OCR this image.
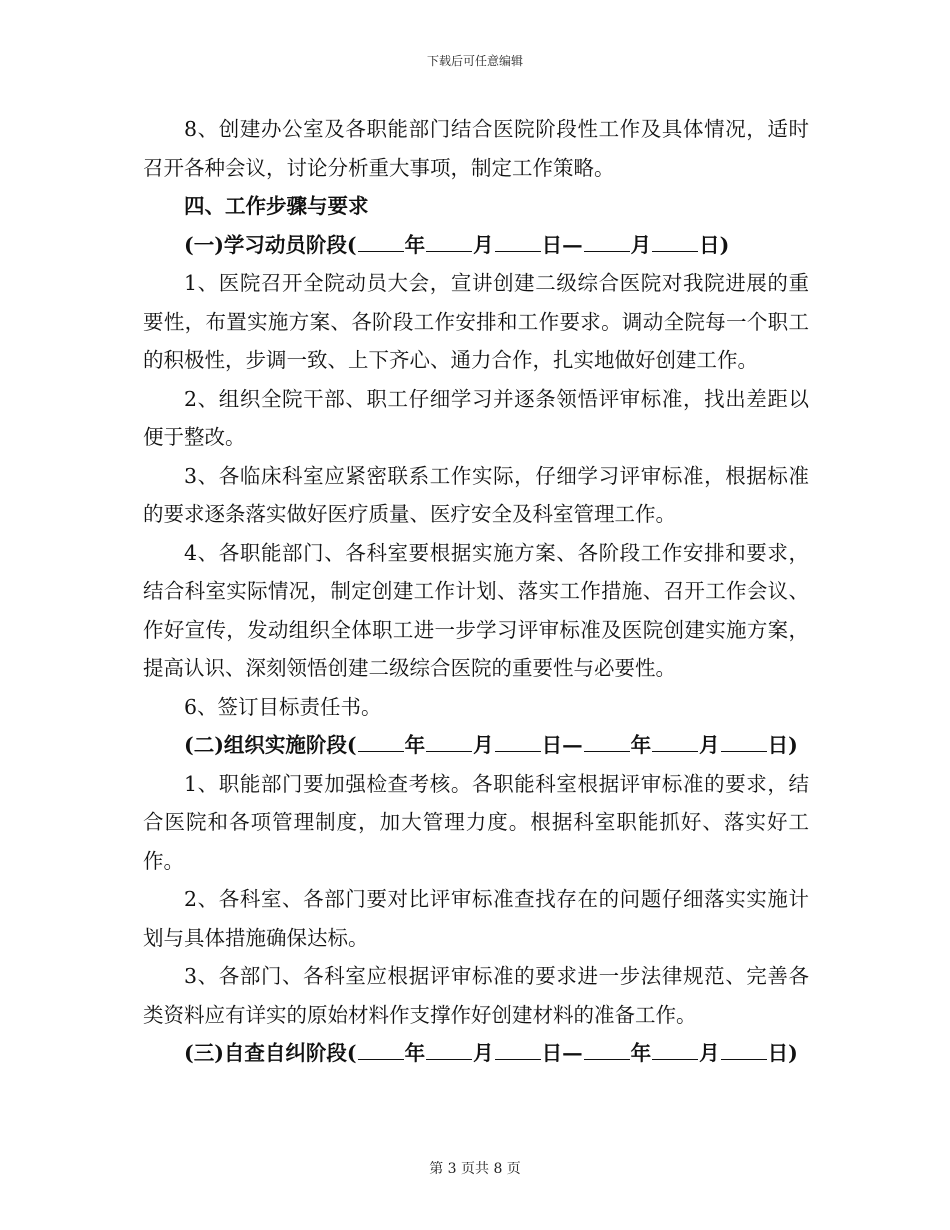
下载后可任意编辑

8、创建办公室及各职能部门结合医院阶段性工作及具体情况，适时召开各种会议，讨论分析重大事项，制定工作策略。

四、工作步骤与要求

(一)学习动员阶段( 年 月 日— 月 日)

1、医院召开全院动员大会，宣讲创建二级综合医院对我院进展的重要性，布置实施方案、各阶段工作安排和工作要求。调动全院每一个职工的积极性，步调一致、上下齐心、通力合作，扎实地做好创建工作。

2、组织全院干部、职工仔细学习并逐条领悟评审标准，找出差距以便于整改。

3、各临床科室应紧密联系工作实际，仔细学习评审标准，根据标准的要求逐条落实做好医疗质量、医疗安全及科室管理工作。

4、各职能部门、各科室要根据实施方案、各阶段工作安排和要求，结合科室实际情况，制定创建工作计划、落实工作措施、召开工作会议、作好宣传，发动组织全体职工进一步学习评审标准及医院创建实施方案，提高认识、深刻领悟创建二级综合医院的重要性与必要性。

6、签订目标责任书。

(二)组织实施阶段( 年 月 日— 年 月 日)

1、职能部门要加强检查考核。各职能科室根据评审标准的要求，结合医院和各项管理制度，加大管理力度。根据科室职能抓好、落实好工作。

2、各科室、各部门要对比评审标准查找存在的问题仔细落实实施计划与具体措施确保达标。

3、各部门、各科室应根据评审标准的要求进一步法律规范、完善各类资料应有详实的原始材料作支撑作好创建材料的准备工作。

(三)自查自纠阶段( 年 月 日— 年 月 日)

第 3 页共 8 页
